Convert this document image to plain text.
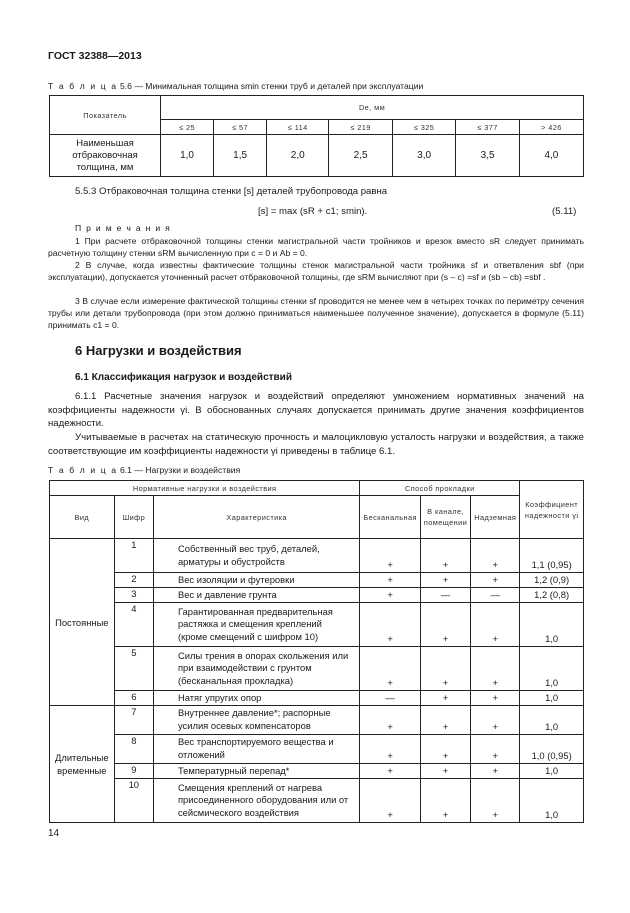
ГОСТ 32388—2013
Т а б л и ц а 5.6 — Минимальная толщина smin стенки труб и деталей при эксплуатации
Показатель	De, мм						
	≤ 25	≤ 57	≤ 114	≤ 219	≤ 325	≤ 377	> 426
Наименьшая отбраковочная толщина, мм	1,0	1,5	2,0	2,5	3,0	3,5	4,0
5.5.3 Отбраковочная толщина стенки [s] деталей трубопровода равна
[s] = max (sR + c1; smin).	(5.11)
П р и м е ч а н и я
1 При расчете отбраковочной толщины стенки магистральной части тройников и врезок вместо sR следует принимать расчетную толщину стенки sRM вычисленную при c = 0 и Ab = 0.
2 В случае, когда известны фактические толщины стенок магистральной части тройника sf и ответвления sbf (при эксплуатации), допускается уточненный расчет отбраковочной толщины, где sRM вычисляют при (s – c) =sf и (sb – cb) =sbf .
3 В случае если измерение фактической толщины стенки sf проводится не менее чем в четырех точках по периметру сечения трубы или детали трубопровода (при этом должно приниматься наименьшее полученное значение), допускается в формуле (5.11) принимать c1 = 0.
6 Нагрузки и воздействия
6.1 Классификация нагрузок и воздействий
6.1.1 Расчетные значения нагрузок и воздействий определяют умножением нормативных значений на коэффициенты надежности γi. В обоснованных случаях допускается принимать другие значения коэффициентов надежности.
Учитываемые в расчетах на статическую прочность и малоцикловую усталость нагрузки и воздействия, а также соответствующие им коэффициенты надежности γi приведены в таблице 6.1.
Т а б л и ц а 6.1 — Нагрузки и воздействия
Нормативные нагрузки и воздействия			Способ прокладки			Коэффициент надежности γi
Вид	Шифр	Характеристика	Бесканальная	В канале, помещении	Надземная	
Постоянные	1	Собственный вес труб, деталей, арматуры и обустройств	+	+	+	1,1 (0,95)
	2	Вес изоляции и футеровки	+	+	+	1,2 (0,9)
	3	Вес и давление грунта	+	—	—	1,2 (0,8)
	4	Гарантированная предварительная растяжка и смещения креплений (кроме смещений с шифром 10)	+	+	+	1,0
	5	Силы трения в опорах скольжения или при взаимодействии с грунтом (бесканальная прокладка)	+	+	+	1,0
	6	Натяг упругих опор	—	+	+	1,0
Длительные временные	7	Внутреннее давление*; распорные усилия осевых компенсаторов	+	+	+	1,0
	8	Вес транспортируемого вещества и отложений	+	+	+	1,0 (0,95)
	9	Температурный перепад*	+	+	+	1,0
	10	Смещения креплений от нагрева присоединенного оборудования или от сейсмического воздействия	+	+	+	1,0
14
